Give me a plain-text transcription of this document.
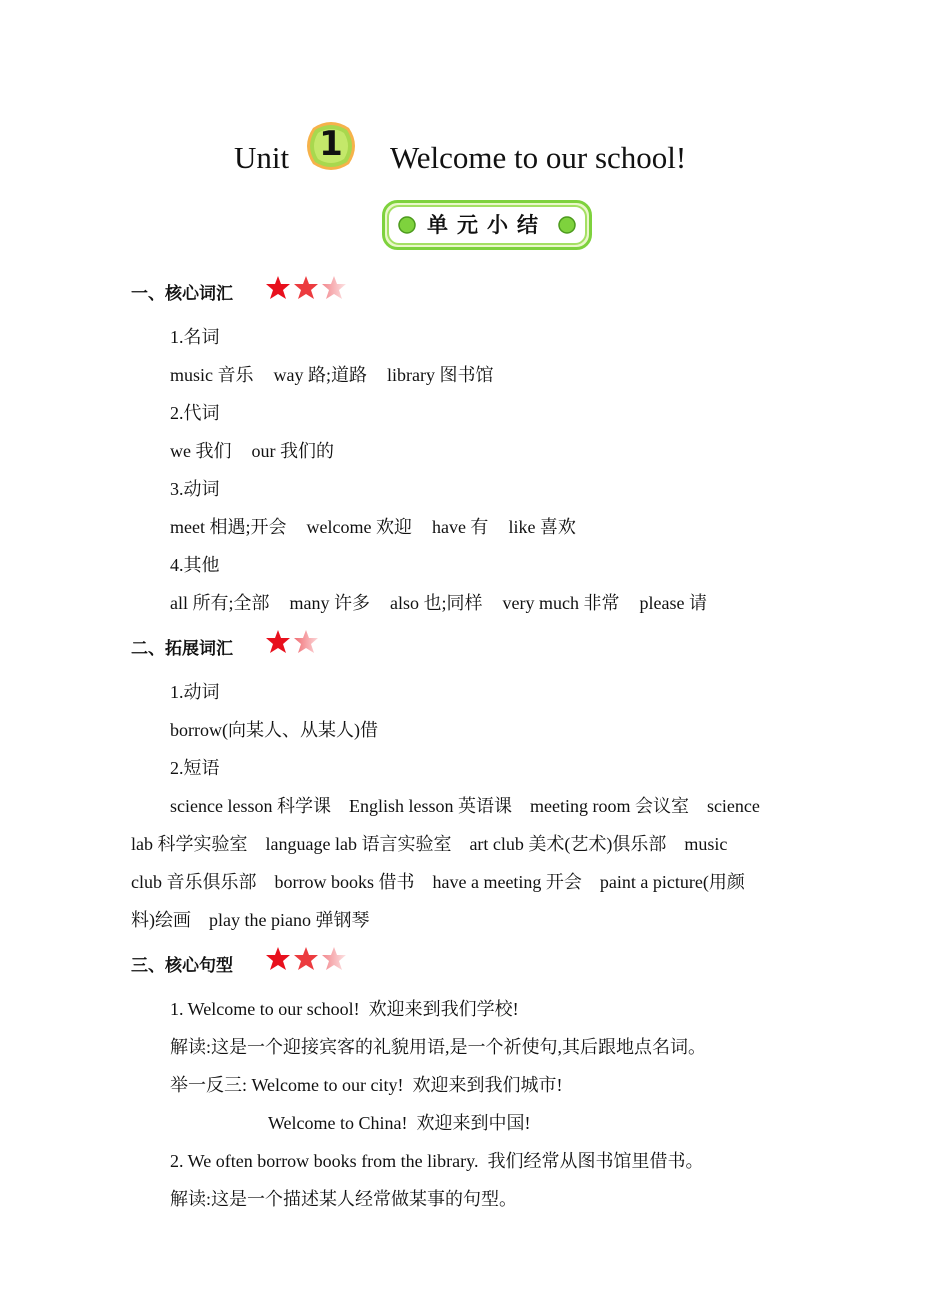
Unit 1	Welcome to our school!
单元小结
一、核心词汇
1.名词
music 音乐 way 路;道路 library 图书馆
2.代词
we 我们 our 我们的
3.动词
meet 相遇;开会 welcome 欢迎 have 有 like 喜欢
4.其他
all 所有;全部 many 许多 also 也;同样 very much 非常 please 请
二、拓展词汇
1.动词
borrow(向某人、从某人)借
2.短语
science lesson 科学课    English lesson 英语课    meeting room 会议室    science
lab 科学实验室    language lab 语言实验室    art club 美术(艺术)俱乐部    music
club 音乐俱乐部    borrow books 借书    have a meeting 开会    paint a picture(用颜
料)绘画    play the piano 弹钢琴
三、核心句型
1. Welcome to our school!  欢迎来到我们学校!
解读:这是一个迎接宾客的礼貌用语,是一个祈使句,其后跟地点名词。
举一反三: Welcome to our city!  欢迎来到我们城市!
Welcome to China!  欢迎来到中国!
2. We often borrow books from the library.  我们经常从图书馆里借书。
解读:这是一个描述某人经常做某事的句型。
